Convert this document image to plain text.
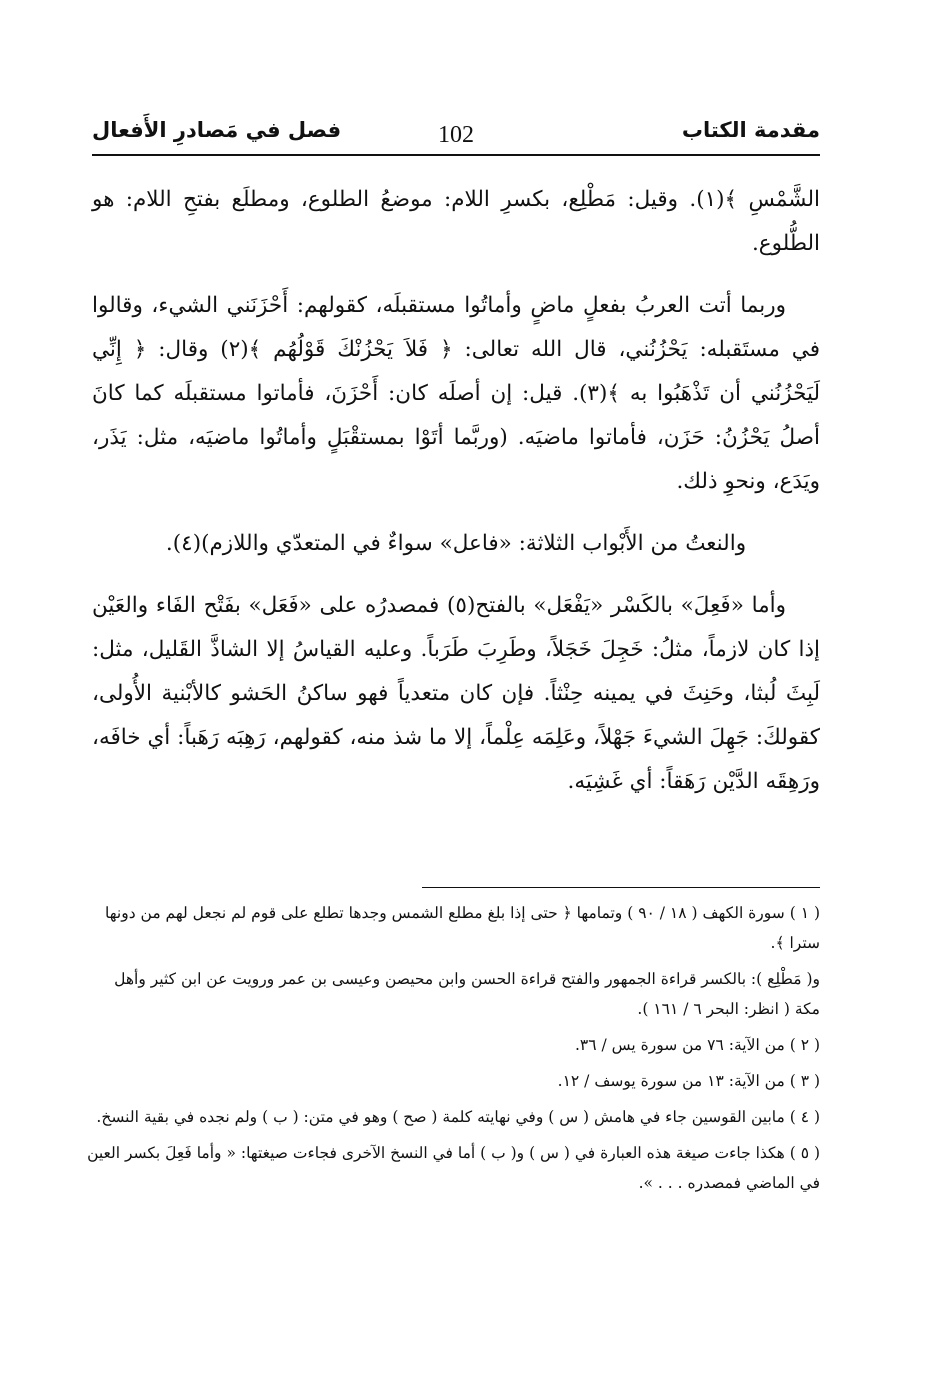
مقدمة الكتاب
102
فصل في مَصادرِ الأَفعال

الشَّمْسِ ﴾(١). وقيل: مَطْلِع، بكسرِ اللام: موضعُ الطلوع، ومطلَع بفتحِ اللام: هو الطُّلوع.

وربما أتت العربُ بفعلٍ ماضٍ وأماتُوا مستقبلَه، كقولهم: أَحْزَنَني الشيء، وقالوا في مستَقبله: يَحْزُنُني، قال الله تعالى: ﴿ فَلاَ يَحْزُنْكَ قَوْلُهُم ﴾(٢) وقال: ﴿ إِنِّي لَيَحْزُنُني أن تَذْهَبُوا به ﴾(٣). قيل: إن أصلَه كان: أَحْزَنَ، فأماتوا مستقبلَه كما كانَ أصلُ يَحْزُنُ: حَزَن، فأماتوا ماضيَه. (وربَّما أتَوْا بمستقْبَلٍ وأماتُوا ماضيَه، مثل: يَذَر، ويَدَع، ونحوِ ذلك.

والنعتُ من الأَبْواب الثلاثة: «فاعل» سواءٌ في المتعدّي واللازم)(٤).

وأما «فَعِلَ» بالكَسْر «يَفْعَل» بالفتح(٥) فمصدرُه على «فَعَل» بفَتْح الفَاء والعَيْن إذا كان لازماً، مثلُ: خَجِلَ خَجَلاً، وطَرِبَ طَرَباً. وعليه القياسُ إلا الشاذَّ القَليل، مثل: لَبِثَ لُبثا، وحَنِثَ في يمينه حِنْثاً. فإن كان متعدياً فهو ساكنُ الحَشو كالأبْنية الأُولى، كقولكَ: جَهِلَ الشيءَ جَهْلاً، وعَلِمَه عِلْماً، إلا ما شذ منه، كقولهم، رَهِبَه رَهَباً: أي خافَه، ورَهِقَه الدَّيْن رَهَقاً: أي غَشِيَه.

( ١ ) سورة الكهف ( ١٨ / ٩٠ ) وتمامها ﴿ حتى إذا بلغ مطلع الشمس وجدها تطلع على قوم لم نجعل لهم من دونها سترا ﴾.
و( مَطْلِع ): بالكسر قراءة الجمهور والفتح قراءة الحسن وابن محيصن وعيسى بن عمر ورويت عن ابن كثير وأهل مكة ( انظر: البحر ٦ / ١٦١ ).
( ٢ ) من الآية: ٧٦ من سورة يس / ٣٦.
( ٣ ) من الآية: ١٣ من سورة يوسف / ١٢.
( ٤ ) مابين القوسين جاء في هامش ( س ) وفي نهايته كلمة ( صح ) وهو في متن: ( ب ) ولم نجده في بقية النسخ.
( ٥ ) هكذا جاءت صيغة هذه العبارة في ( س ) و( ب ) أما في النسخ الآخرى فجاءت صيغتها: « وأما فَعِلَ بكسر العين في الماضي فمصدره . . . ».
